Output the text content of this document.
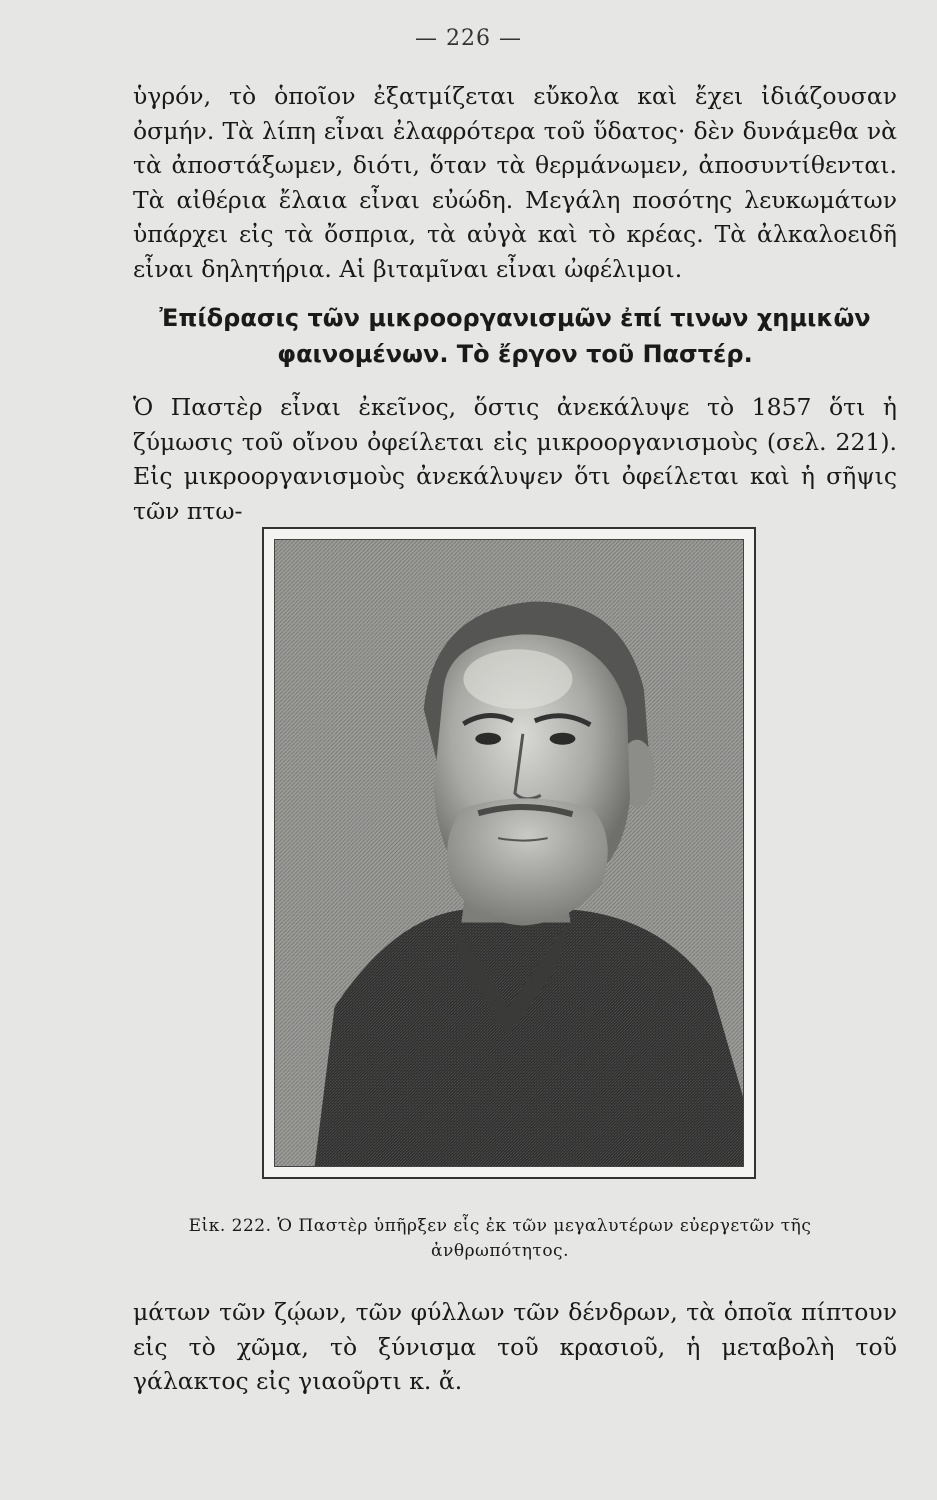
— 226 —

ὑγρόν, τὸ ὁποῖον ἐξατμίζεται εὔκολα καὶ ἔχει ἰδιάζουσαν ὀσμήν. Τὰ λίπη εἶναι ἐλαφρότερα τοῦ ὕδατος· δὲν δυνάμεθα νὰ τὰ ἀποστάξωμεν, διότι, ὅταν τὰ θερμάνωμεν, ἀποσυντίθενται. Τὰ αἰθέρια ἔλαια εἶναι εὐώδη. Μεγάλη ποσότης λευκωμάτων ὑπάρχει εἰς τὰ ὄσπρια, τὰ αὐγὰ καὶ τὸ κρέας. Τὰ ἀλκαλοειδῆ εἶναι δηλητήρια. Αἱ βιταμῖναι εἶναι ὠφέλιμοι.

Ἐπίδρασις τῶν μικροοργανισμῶν ἐπί τινων χημικῶν φαινομένων. Τὸ ἔργον τοῦ Παστέρ.

Ὁ Παστὲρ εἶναι ἐκεῖνος, ὅστις ἀνεκάλυψε τὸ 1857 ὅτι ἡ ζύμωσις τοῦ οἴνου ὀφείλεται εἰς μικροοργανισμοὺς (σελ. 221). Εἰς μικροοργανισμοὺς ἀνεκάλυψεν ὅτι ὀφείλεται καὶ ἡ σῆψις τῶν πτω-

Εἰκ. 222. Ὁ Παστὲρ ὑπῆρξεν εἷς ἐκ τῶν μεγαλυτέρων εὐεργετῶν τῆς ἀνθρωπότητος.

μάτων τῶν ζῴων, τῶν φύλλων τῶν δένδρων, τὰ ὁποῖα πίπτουν εἰς τὸ χῶμα, τὸ ξύνισμα τοῦ κρασιοῦ, ἡ μεταβολὴ τοῦ γάλακτος εἰς γιαοῦρτι κ. ἄ.
